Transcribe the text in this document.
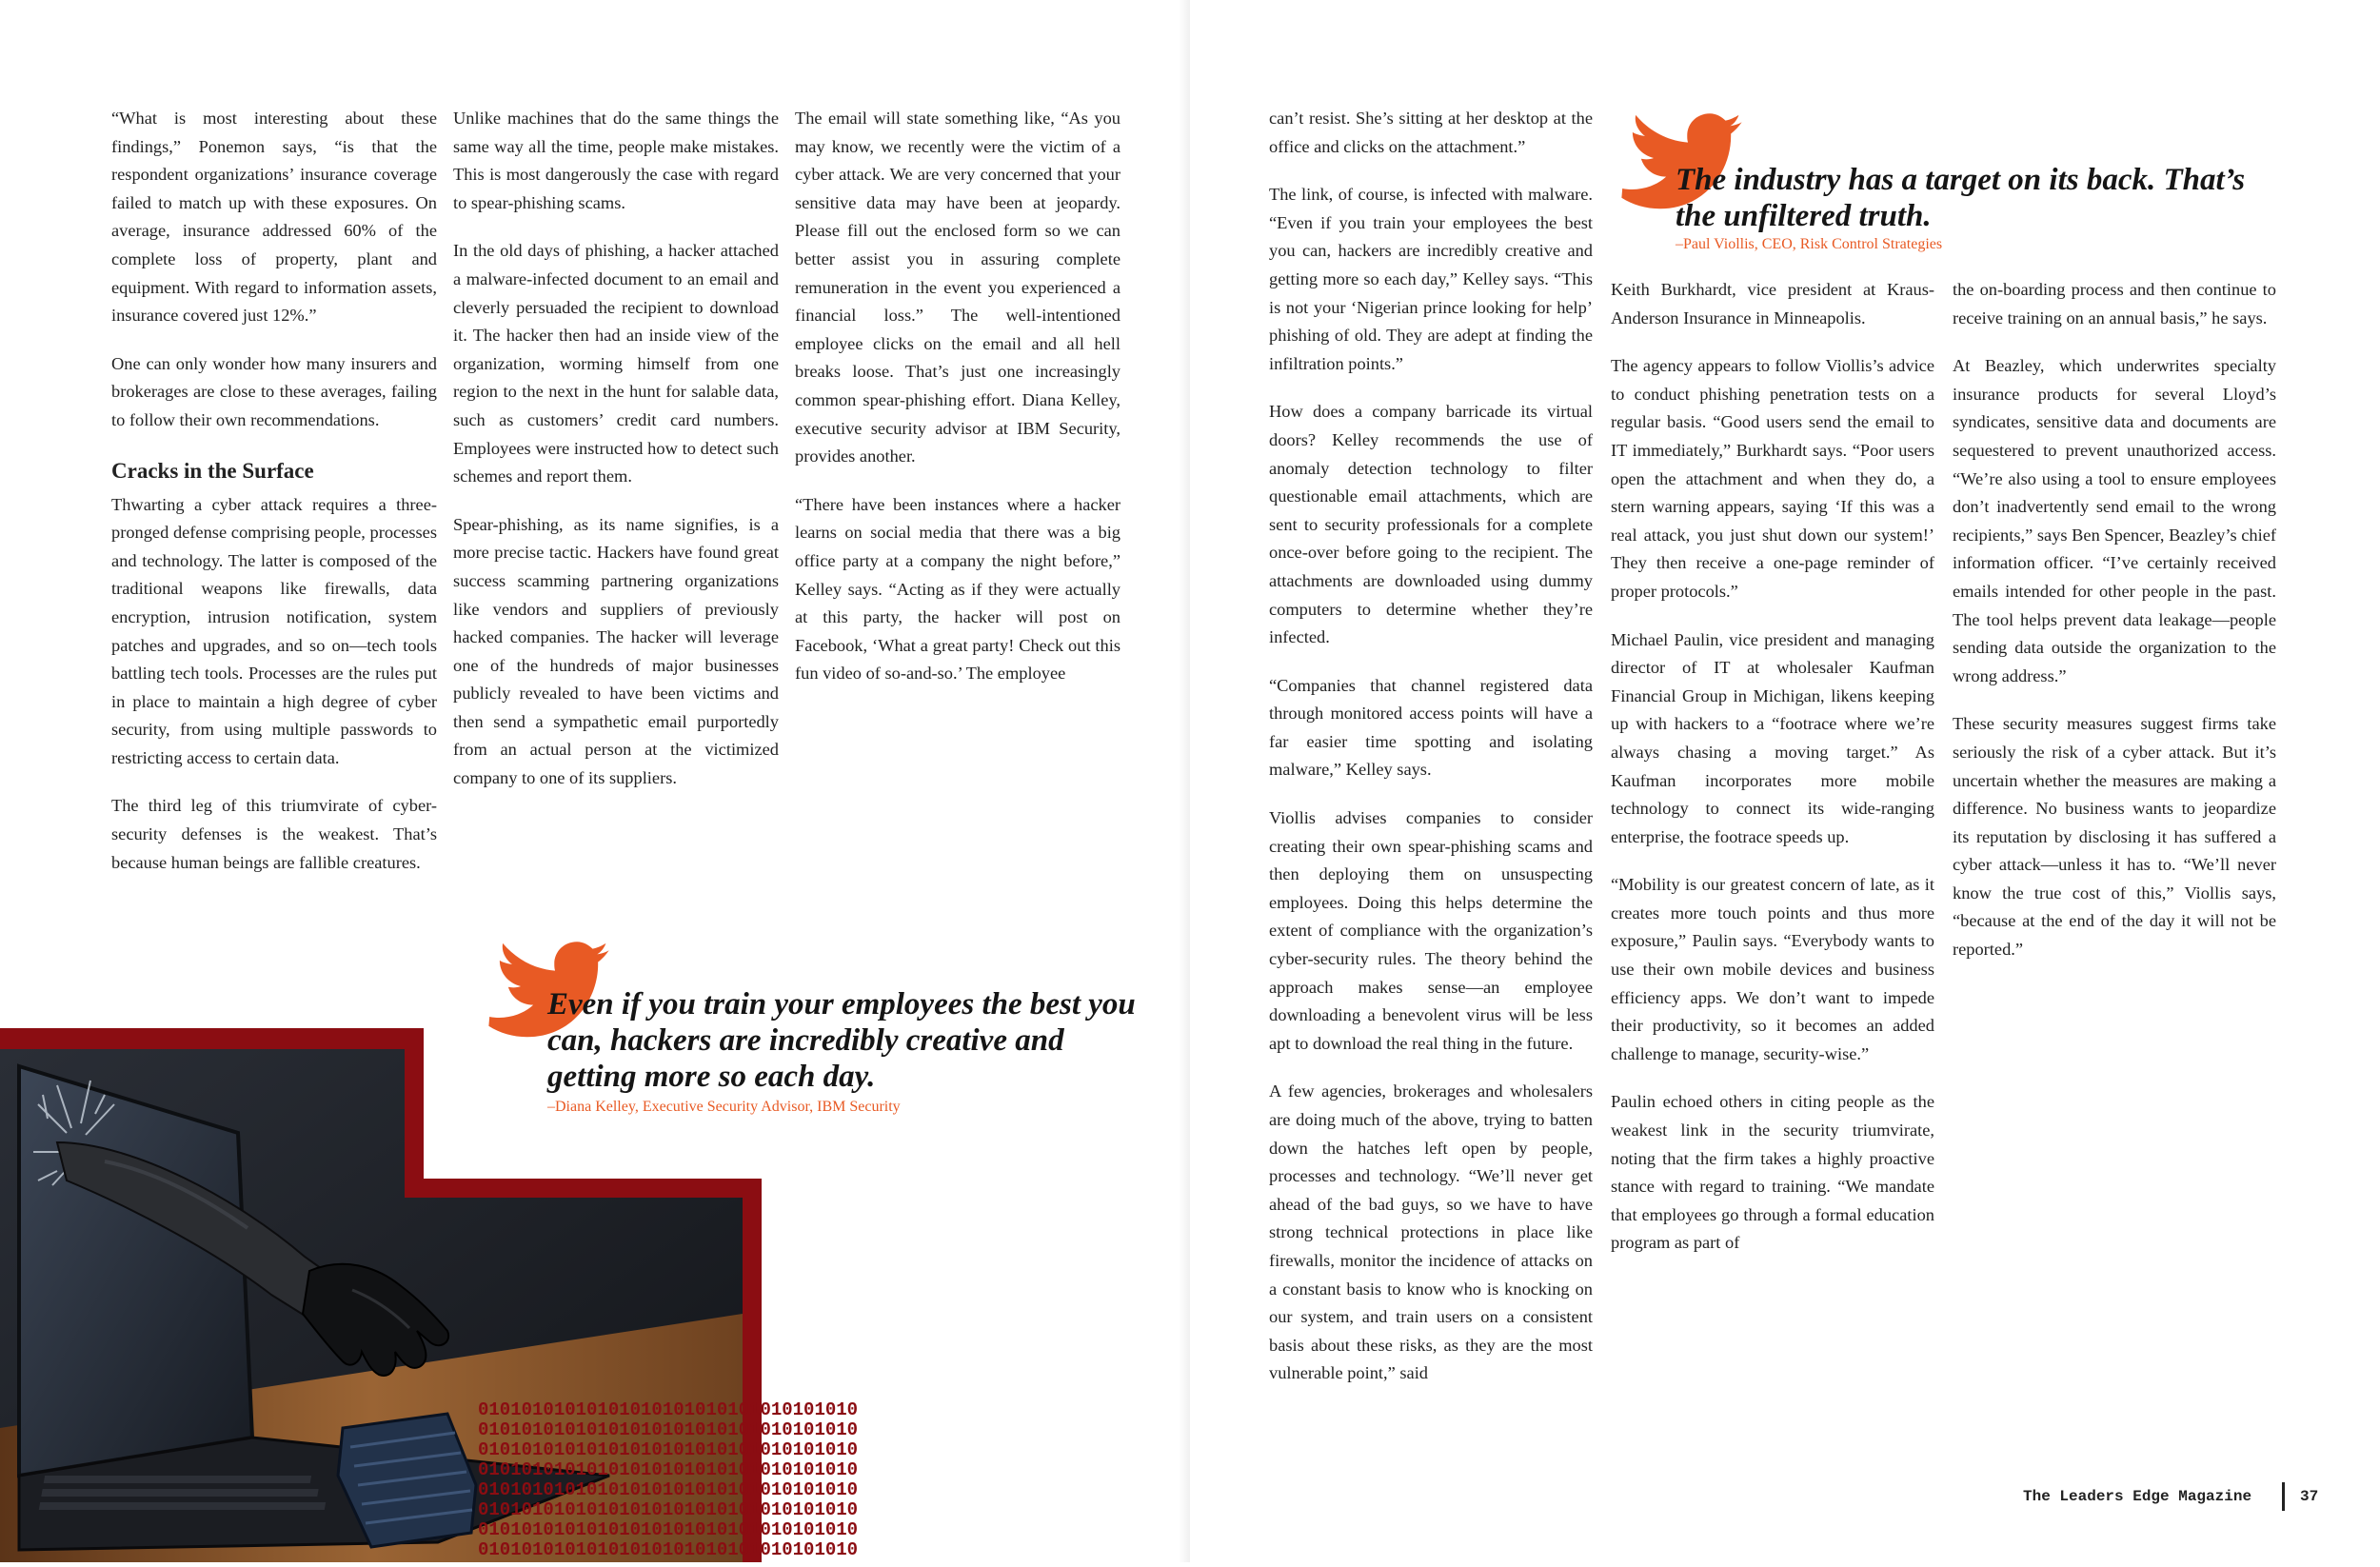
“What is most interesting about these findings,” Ponemon says, “is that the respondent organizations’ insurance coverage failed to match up with these exposures. On average, insurance addressed 60% of the complete loss of property, plant and equipment. With regard to information assets, insurance covered just 12%.”

One can only wonder how many insurers and brokerages are close to these averages, failing to follow their own recommendations.

Cracks in the Surface

Thwarting a cyber attack requires a three-pronged defense comprising people, processes and technology. The latter is composed of the traditional weapons like firewalls, data encryption, intrusion notification, system patches and upgrades, and so on—tech tools battling tech tools. Processes are the rules put in place to maintain a high degree of cyber security, from using multiple passwords to restricting access to certain data.

The third leg of this triumvirate of cyber-security defenses is the weakest. That’s because human beings are fallible creatures.

Unlike machines that do the same things the same way all the time, people make mistakes. This is most dangerously the case with regard to spear-phishing scams.

In the old days of phishing, a hacker attached a malware-infected document to an email and cleverly persuaded the recipient to download it. The hacker then had an inside view of the organization, worming himself from one region to the next in the hunt for salable data, such as customers’ credit card numbers. Employees were instructed how to detect such schemes and report them.

Spear-phishing, as its name signifies, is a more precise tactic. Hackers have found great success scamming partnering organizations like vendors and suppliers of previously hacked companies. The hacker will leverage one of the hundreds of major businesses publicly revealed to have been victims and then send a sympathetic email purportedly from an actual person at the victimized company to one of its suppliers.

The email will state something like, “As you may know, we recently were the victim of a cyber attack. We are very concerned that your sensitive data may have been at jeopardy. Please fill out the enclosed form so we can better assist you in assuring complete remuneration in the event you experienced a financial loss.” The well-intentioned employee clicks on the email and all hell breaks loose. That’s just one increasingly common spear-phishing effort. Diana Kelley, executive security advisor at IBM Security, provides another.

“There have been instances where a hacker learns on social media that there was a big office party at a company the night before,” Kelley says. “Acting as if they were actually at this party, the hacker will post on Facebook, ‘What a great party! Check out this fun video of so-and-so.’ The employee

01010101010101010101010101010101010
01010101010101010101010101010101010
01010101010101010101010101010101010
01010101010101010101010101010101010
01010101010101010101010101010101010
01010101010101010101010101010101010
01010101010101010101010101010101010
01010101010101010101010101010101010
Even if you train your employees the best you can, hackers are incredibly creative and getting more so each day.
–Diana Kelley, Executive Security Advisor, IBM Security

can’t resist. She’s sitting at her desktop at the office and clicks on the attachment.”

The link, of course, is infected with malware. “Even if you train your employees the best you can, hackers are incredibly creative and getting more so each day,” Kelley says. “This is not your ‘Nigerian prince looking for help’ phishing of old. They are adept at finding the infiltration points.”

How does a company barricade its virtual doors? Kelley recommends the use of anomaly detection technology to filter questionable email attachments, which are sent to security professionals for a complete once-over before going to the recipient. The attachments are downloaded using dummy computers to determine whether they’re infected.

“Companies that channel registered data through monitored access points will have a far easier time spotting and isolating malware,” Kelley says.

Viollis advises companies to consider creating their own spear-phishing scams and then deploying them on unsuspecting employees. Doing this helps determine the extent of compliance with the organization’s cyber-security rules. The theory behind the approach makes sense—an employee downloading a benevolent virus will be less apt to download the real thing in the future.

A few agencies, brokerages and wholesalers are doing much of the above, trying to batten down the hatches left open by people, processes and technology. “We’ll never get ahead of the bad guys, so we have to have strong technical protections in place like firewalls, monitor the incidence of attacks on a constant basis to know who is knocking on our system, and train users on a consistent basis about these risks, as they are the most vulnerable point,” said

Keith Burkhardt, vice president at Kraus-Anderson Insurance in Minneapolis.

The agency appears to follow Viollis’s advice to conduct phishing penetration tests on a regular basis. “Good users send the email to IT immediately,” Burkhardt says. “Poor users open the attachment and when they do, a stern warning appears, saying ‘If this was a real attack, you just shut down our system!’ They then receive a one-page reminder of proper protocols.”

Michael Paulin, vice president and managing director of IT at wholesaler Kaufman Financial Group in Michigan, likens keeping up with hackers to a “footrace where we’re always chasing a moving target.” As Kaufman incorporates more mobile technology to connect its wide-ranging enterprise, the footrace speeds up.

“Mobility is our greatest concern of late, as it creates more touch points and thus more exposure,” Paulin says. “Everybody wants to use their own mobile devices and business efficiency apps. We don’t want to impede their productivity, so it becomes an added challenge to manage, security-wise.”

Paulin echoed others in citing people as the weakest link in the security triumvirate, noting that the firm takes a highly proactive stance with regard to training. “We mandate that employees go through a formal education program as part of

the on-boarding process and then continue to receive training on an annual basis,” he says.

At Beazley, which underwrites specialty insurance products for several Lloyd’s syndicates, sensitive data and documents are sequestered to prevent unauthorized access. “We’re also using a tool to ensure employees don’t inadvertently send email to the wrong recipients,” says Ben Spencer, Beazley’s chief information officer. “I’ve certainly received emails intended for other people in the past. The tool helps prevent data leakage—people sending data outside the organization to the wrong address.”

These security measures suggest firms take seriously the risk of a cyber attack. But it’s uncertain whether the measures are making a difference. No business wants to jeopardize its reputation by disclosing it has suffered a cyber attack—unless it has to. “We’ll never know the true cost of this,” Viollis says, “because at the end of the day it will not be reported.”

The industry has a target on its back. That’s the unfiltered truth.
–Paul Viollis, CEO, Risk Control Strategies
The Leaders Edge Magazine	37
